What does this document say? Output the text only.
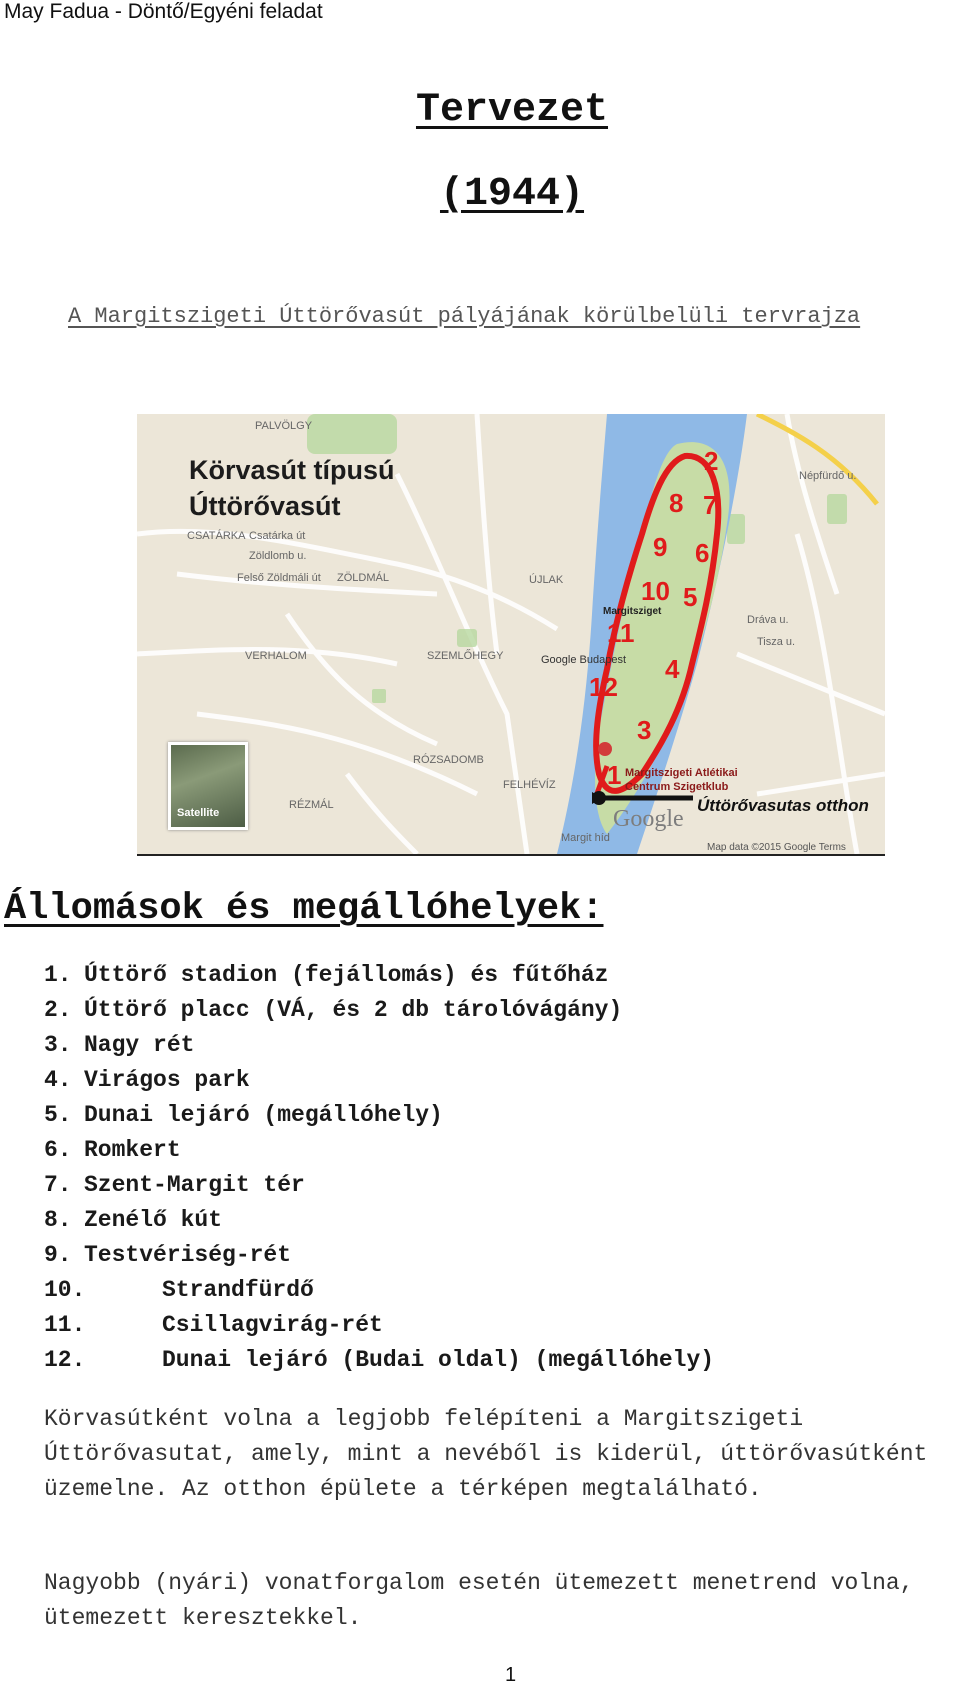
May Fadua - Döntő/Egyéni feladat
Tervezet
(1944)
A Margitszigeti Úttörővasút pályájának körülbelüli tervrajza
2
7
6
5
4
3
1
8
9
10
11
12
Körvasút típusú
Úttörővasút
PALVÖLGY
CSATÁRKA Csatárka út
Zöldlomb u.
Felső Zöldmáli út ZÖLDMÁL
VERHALOM	SZEMLŐHEGY
RÓZSADOMB
RÉZMÁL
ÚJLAK
FELHÉVÍZ
Margitsziget
Google Budapest
Dráva u.
Tisza u.
Népfürdő u.
Margit híd
Margitszigeti Atlétikai
Centrum Szigetklub
Úttörővasutas otthon
Google
Map data ©2015 Google Terms
Satellite
Állomások és megállóhelyek:
1. Úttörő stadion (fejállomás) és fűtőház
2. Úttörő placc (VÁ, és 2 db tárolóvágány)
3. Nagy rét
4. Virágos park
5. Dunai lejáró (megállóhely)
6. Romkert
7. Szent-Margit tér
8. Zenélő kút
9. Testvériség-rét
10.	Strandfürdő
11.	Csillagvirág-rét
12.	Dunai lejáró (Budai oldal) (megállóhely)
Körvasútként volna a legjobb felépíteni a Margitszigeti Úttörővasutat, amely, mint a nevéből is kiderül, úttörővasútként üzemelne. Az otthon épülete a térképen megtalálható.
Nagyobb (nyári) vonatforgalom esetén ütemezett menetrend volna, ütemezett keresztekkel.
1
